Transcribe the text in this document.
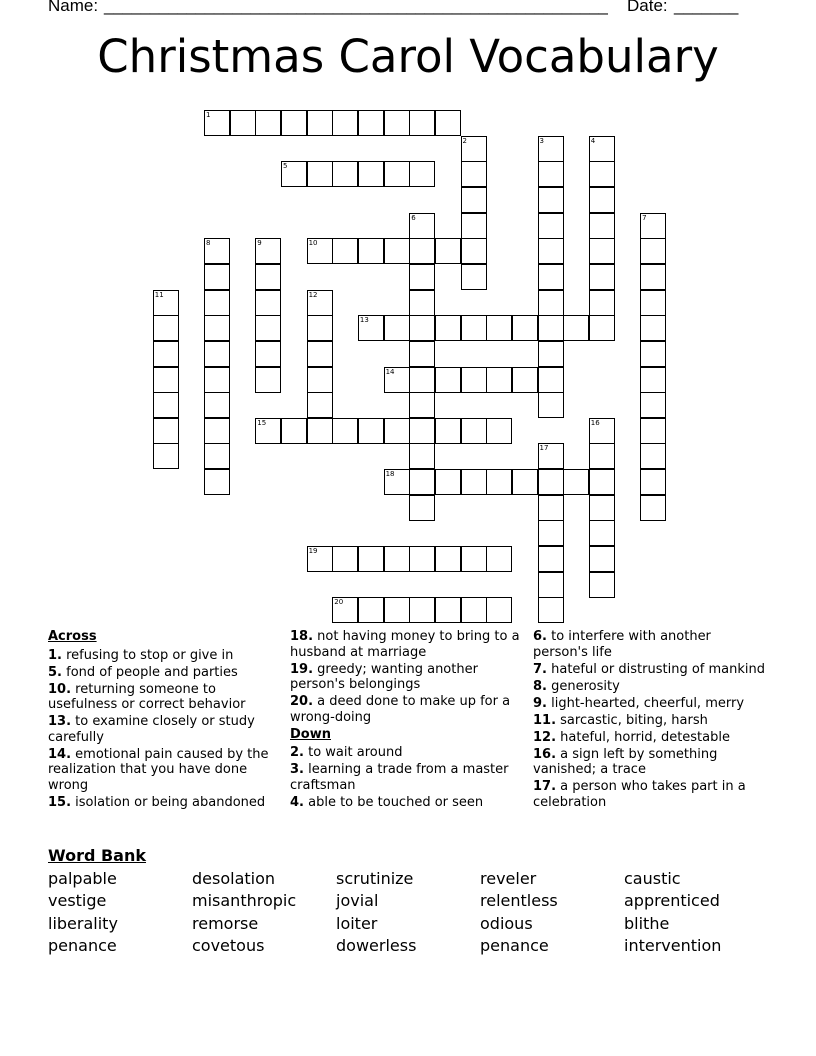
Name: _______________________________________________________ Date: _______
Christmas Carol Vocabulary
1
5
10
13
14
15
18
19
20
2	3	4
6	7
8	9
11	12
16
17
Across
1. refusing to stop or give in
5. fond of people and parties
10. returning someone to usefulness or correct behavior
13. to examine closely or study carefully
14. emotional pain caused by the realization that you have done wrong
15. isolation or being abandoned
18. not having money to bring to a husband at marriage
19. greedy; wanting another person's belongings
20. a deed done to make up for a wrong-doing
Down
2. to wait around
3. learning a trade from a master craftsman
4. able to be touched or seen
6. to interfere with another person's life
7. hateful or distrusting of mankind
8. generosity
9. light-hearted, cheerful, merry
11. sarcastic, biting, harsh
12. hateful, horrid, detestable
16. a sign left by something vanished; a trace
17. a person who takes part in a celebration
Word Bank
palpable	desolation	scrutinize	reveler	caustic
vestige	misanthropic jovial	relentless	apprenticed
liberality	remorse	loiter	odious	blithe
penance	covetous	dowerless	penance	intervention
